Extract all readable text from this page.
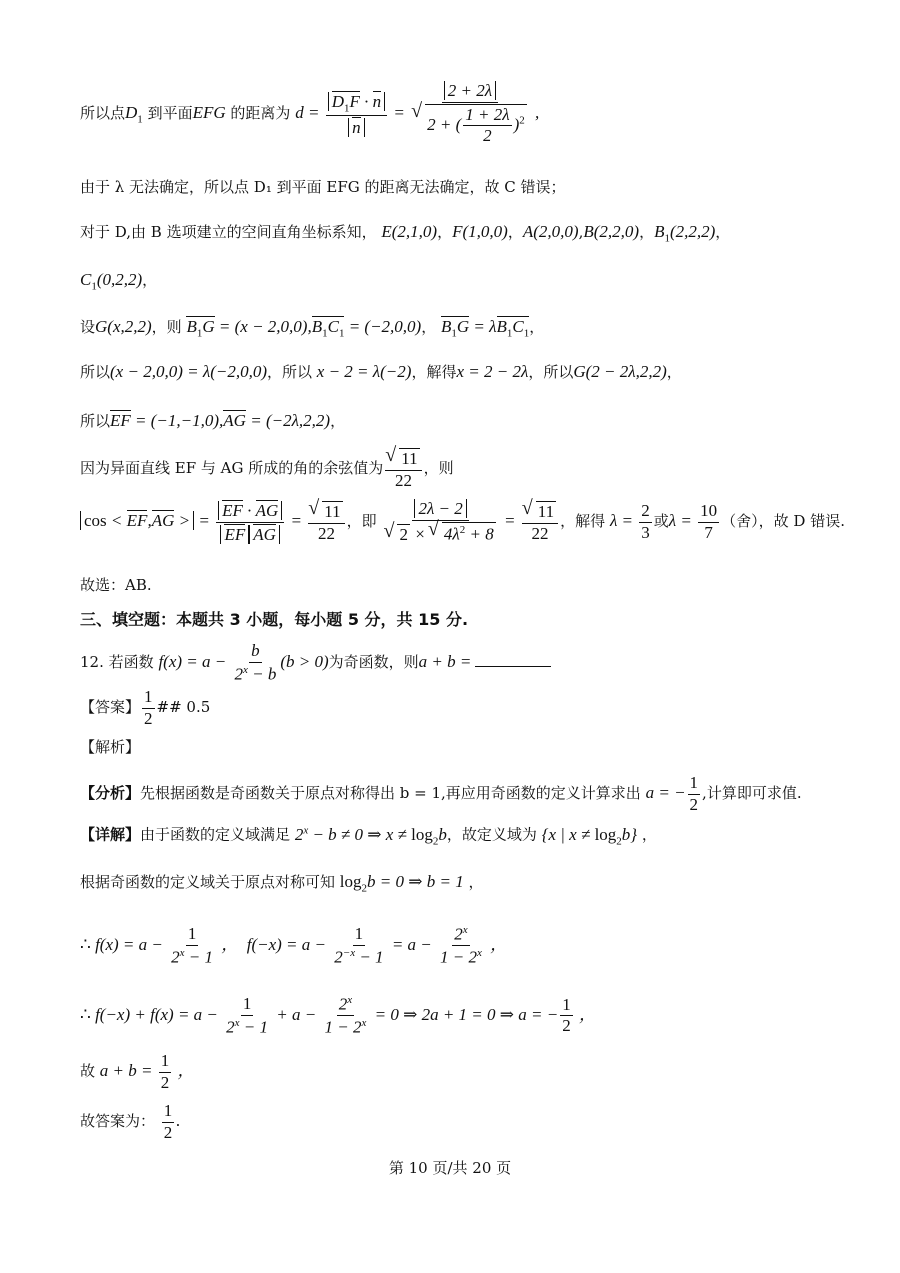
所以点$D_1$ 到平面EFG 的距离为 $d = \frac{D_1F \cdot n}{n} = 2 + 2\lambda$
√ 2 + ( $\frac{1 + 2\lambda}{2} )^2$ ,
由于 λ 无法确定，所以点 D₁ 到平面 EFG 的距离无法确定，故 C 错误；
对于 D,由 B 选项建立的空间直角坐标系知， E(2,1,0)，F(1,0,0)，A(2,0,0),B(2,2,0)，$B_1(2,2,2)$，
$C_1(0,2,2)$，
设G(x,2,2)，则 $B_1G = (x - 2,0,0),B_1C_1 = (-2,0,0)$， $B_1G = \lambda B_1C_1$，
所以(x − 2,0,0) = λ(−2,0,0)，所以 x − 2 = λ(−2)，解得x = 2 − 2λ，所以G(2 − 2λ,2,2)，
所以EF = (−1,−1,0),AG = (−2λ,2,2)，
因为异面直线 EF 与 AG 所成的角的余弦值为 √ $\frac{11}{22}$ ，则
cos < EF,AG > = $\frac{EF \cdot AG}{\text{EF AG}}$ = √ $\frac{11}{22}$ ，即 2λ − 2
√ 2 × √ $4\lambda^2 + 8$ = √ $\frac{11}{22}$ ，解得 $\lambda = \frac{2}{3}$ 或$\lambda = \frac{10}{7}$ （舍），故 D 错误.
故选：AB.
三、填空题：本题共 3 小题，每小题 5 分，共 15 分.
12. 若函数 $f(x) = a - \frac{b}{2^x - b} (b > 0)$为奇函数，则a + b =
【答案】 $\frac{1}{2}$ ## 0.5
【解析】
【分析】先根据函数是奇函数关于原点对称得出 b = 1,再应用奇函数的定义计算求出 a = − $\frac{1}{2}$ ,计算即可求值.
【详解】由于函数的定义域满足 $2^x - b \ne 0$ ⇒ $x \ne \log_2b$，故定义域为 {x | $x \ne \log_2b$} ，
根据奇函数的定义域关于原点对称可知 $\log_2b = 0$ ⇒ b = 1 ，
∴ $f(x) = a - \frac{1}{2^x - 1}$ ，  $f(-x) = a - \frac{1}{2^{-x} - 1} = a - \frac{2^x}{1 - 2^x}$ ，
∴ $f(-x) + f(x) = a - \frac{1}{2^x - 1} + a - \frac{2^x}{1 - 2^x} = 0$ ⇒ 2a + 1 = 0 ⇒ a = − $\frac{1}{2}$ ，
故 $a + b = \frac{1}{2}$ ，
故答案为： $\frac{1}{2}$ .
第 10 页/共 20 页
